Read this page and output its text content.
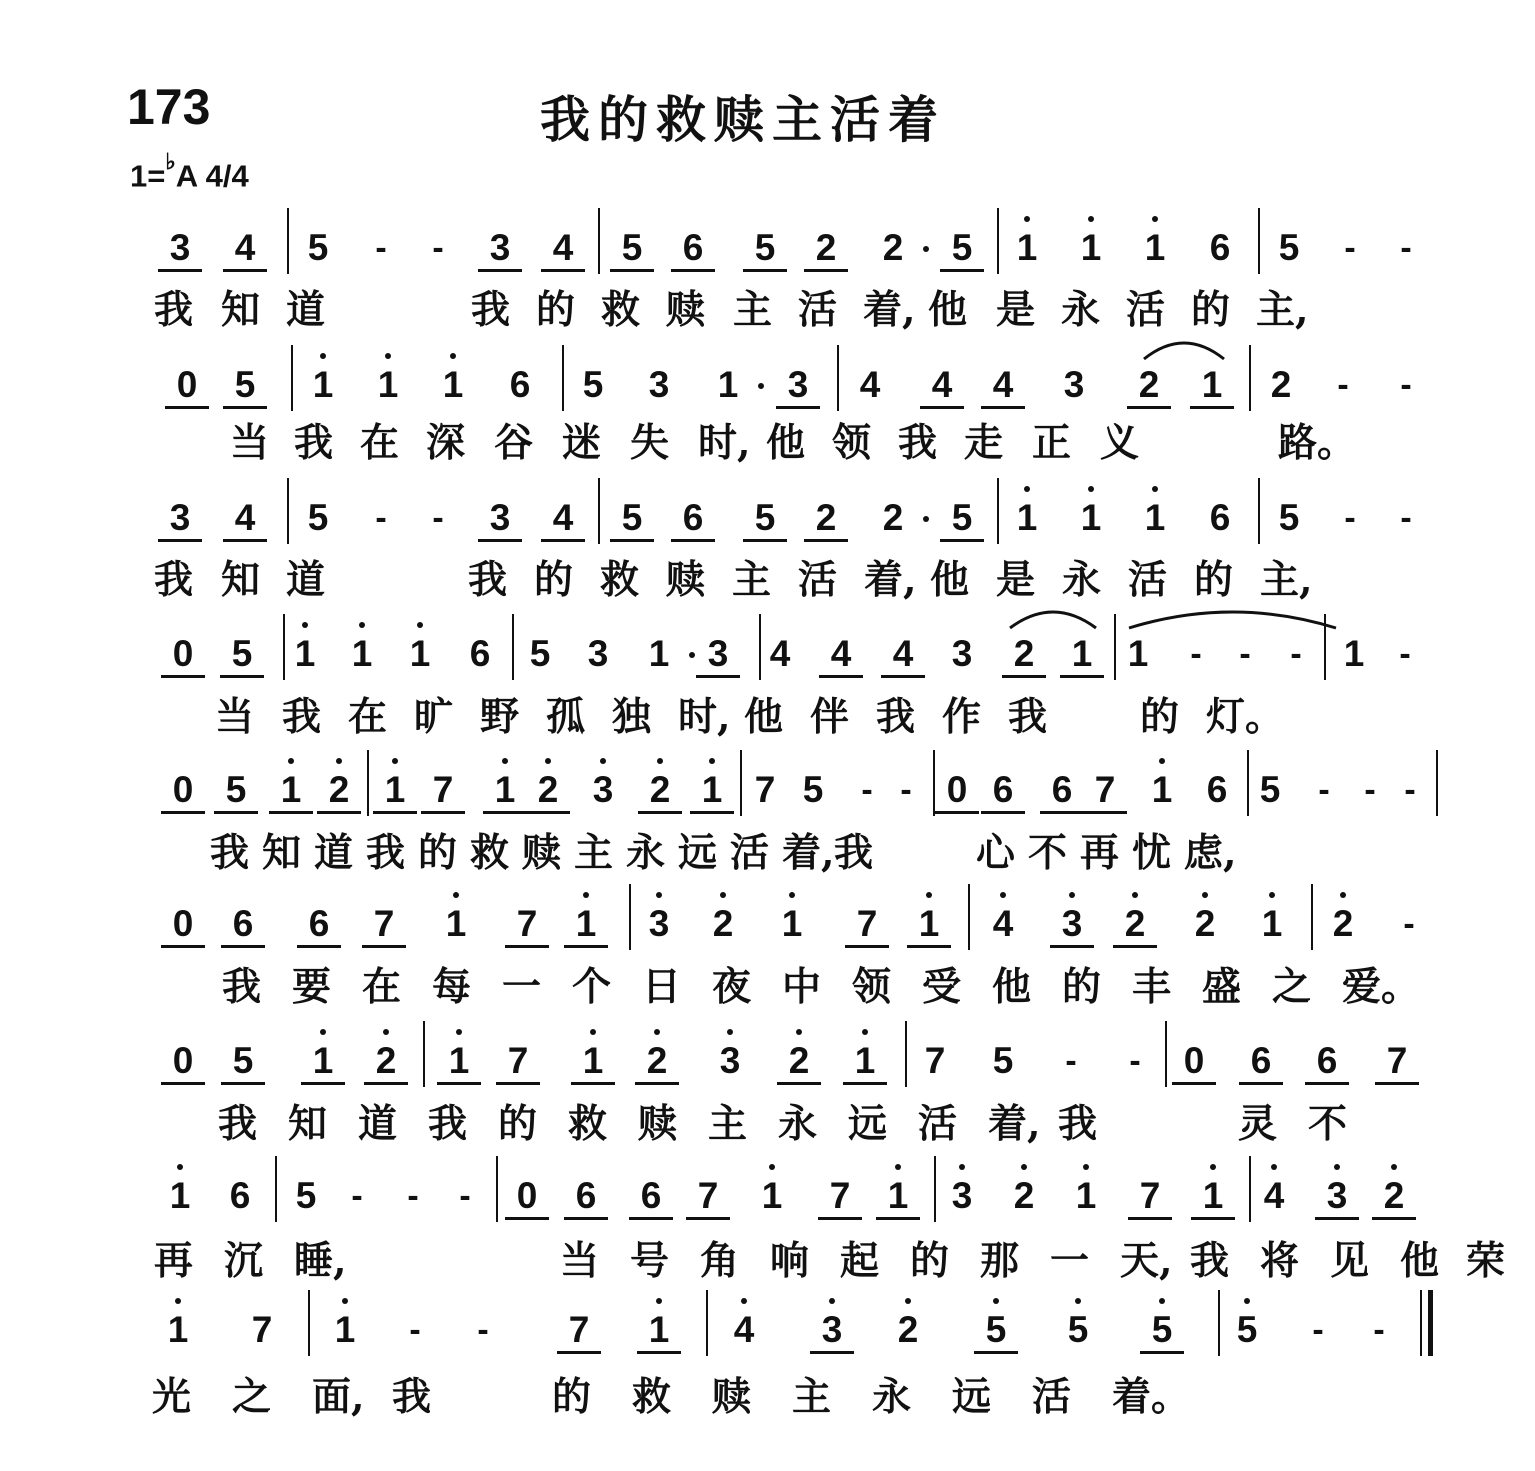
173	我的救赎主活着
1=♭A 4/4
3 4 5 - - 3 4 5 6 5 2 2 5 1 1 1 6 5 - -
我 知 道	我 的 救 赎 主 活 着, 他 是 永 活 的 主,
0 5 1 1 1 6 5 3 1 3 4 4 4 3 2 1 2 - -
当 我 在 深 谷 迷 失 时, 他 领 我 走 正 义	路。
3 4 5 - - 3 4 5 6 5 2 2 5 1 1 1 6 5 - -
我 知 道	我 的 救 赎 主 活 着, 他 是 永 活 的 主,
0 5 1 1 1 6 5 3 1 3 4 4 4 3 2 1 1 - - - 1 -
当 我 在 旷 野 孤 独 时, 他 伴 我 作 我 的 灯。
0 5 1 2 1 7 1 2 3 2 1 7 5 - - 0 6 6 7 1 6 5 - - -
我 知 道 我 的 救 赎 主 永 远 活 着, 我	心 不 再 忧 虑,
0 6 6 7 1 7 1 3 2 1 7 1 4 3 2 2 1 2 -
我 要 在 每 一 个 日 夜 中 领 受 他 的 丰 盛 之 爱。
0 5 1 2 1 7 1 2 3 2 1 7 5 - - 0 6 6 7
我 知 道 我 的 救 赎 主 永 远 活 着, 我	灵 不
1 6 5 - - - 0 6 6 7 1 7 1 3 2 1 7 1 4 3 2
再 沉 睡,	当 号 角 响 起 的 那 一 天, 我 将 见 他 荣
1 7 1 - - 7 1 4 3 2 5 5 5 5 - -
光 之 面, 我	的 救 赎 主 永 远 活 着。
